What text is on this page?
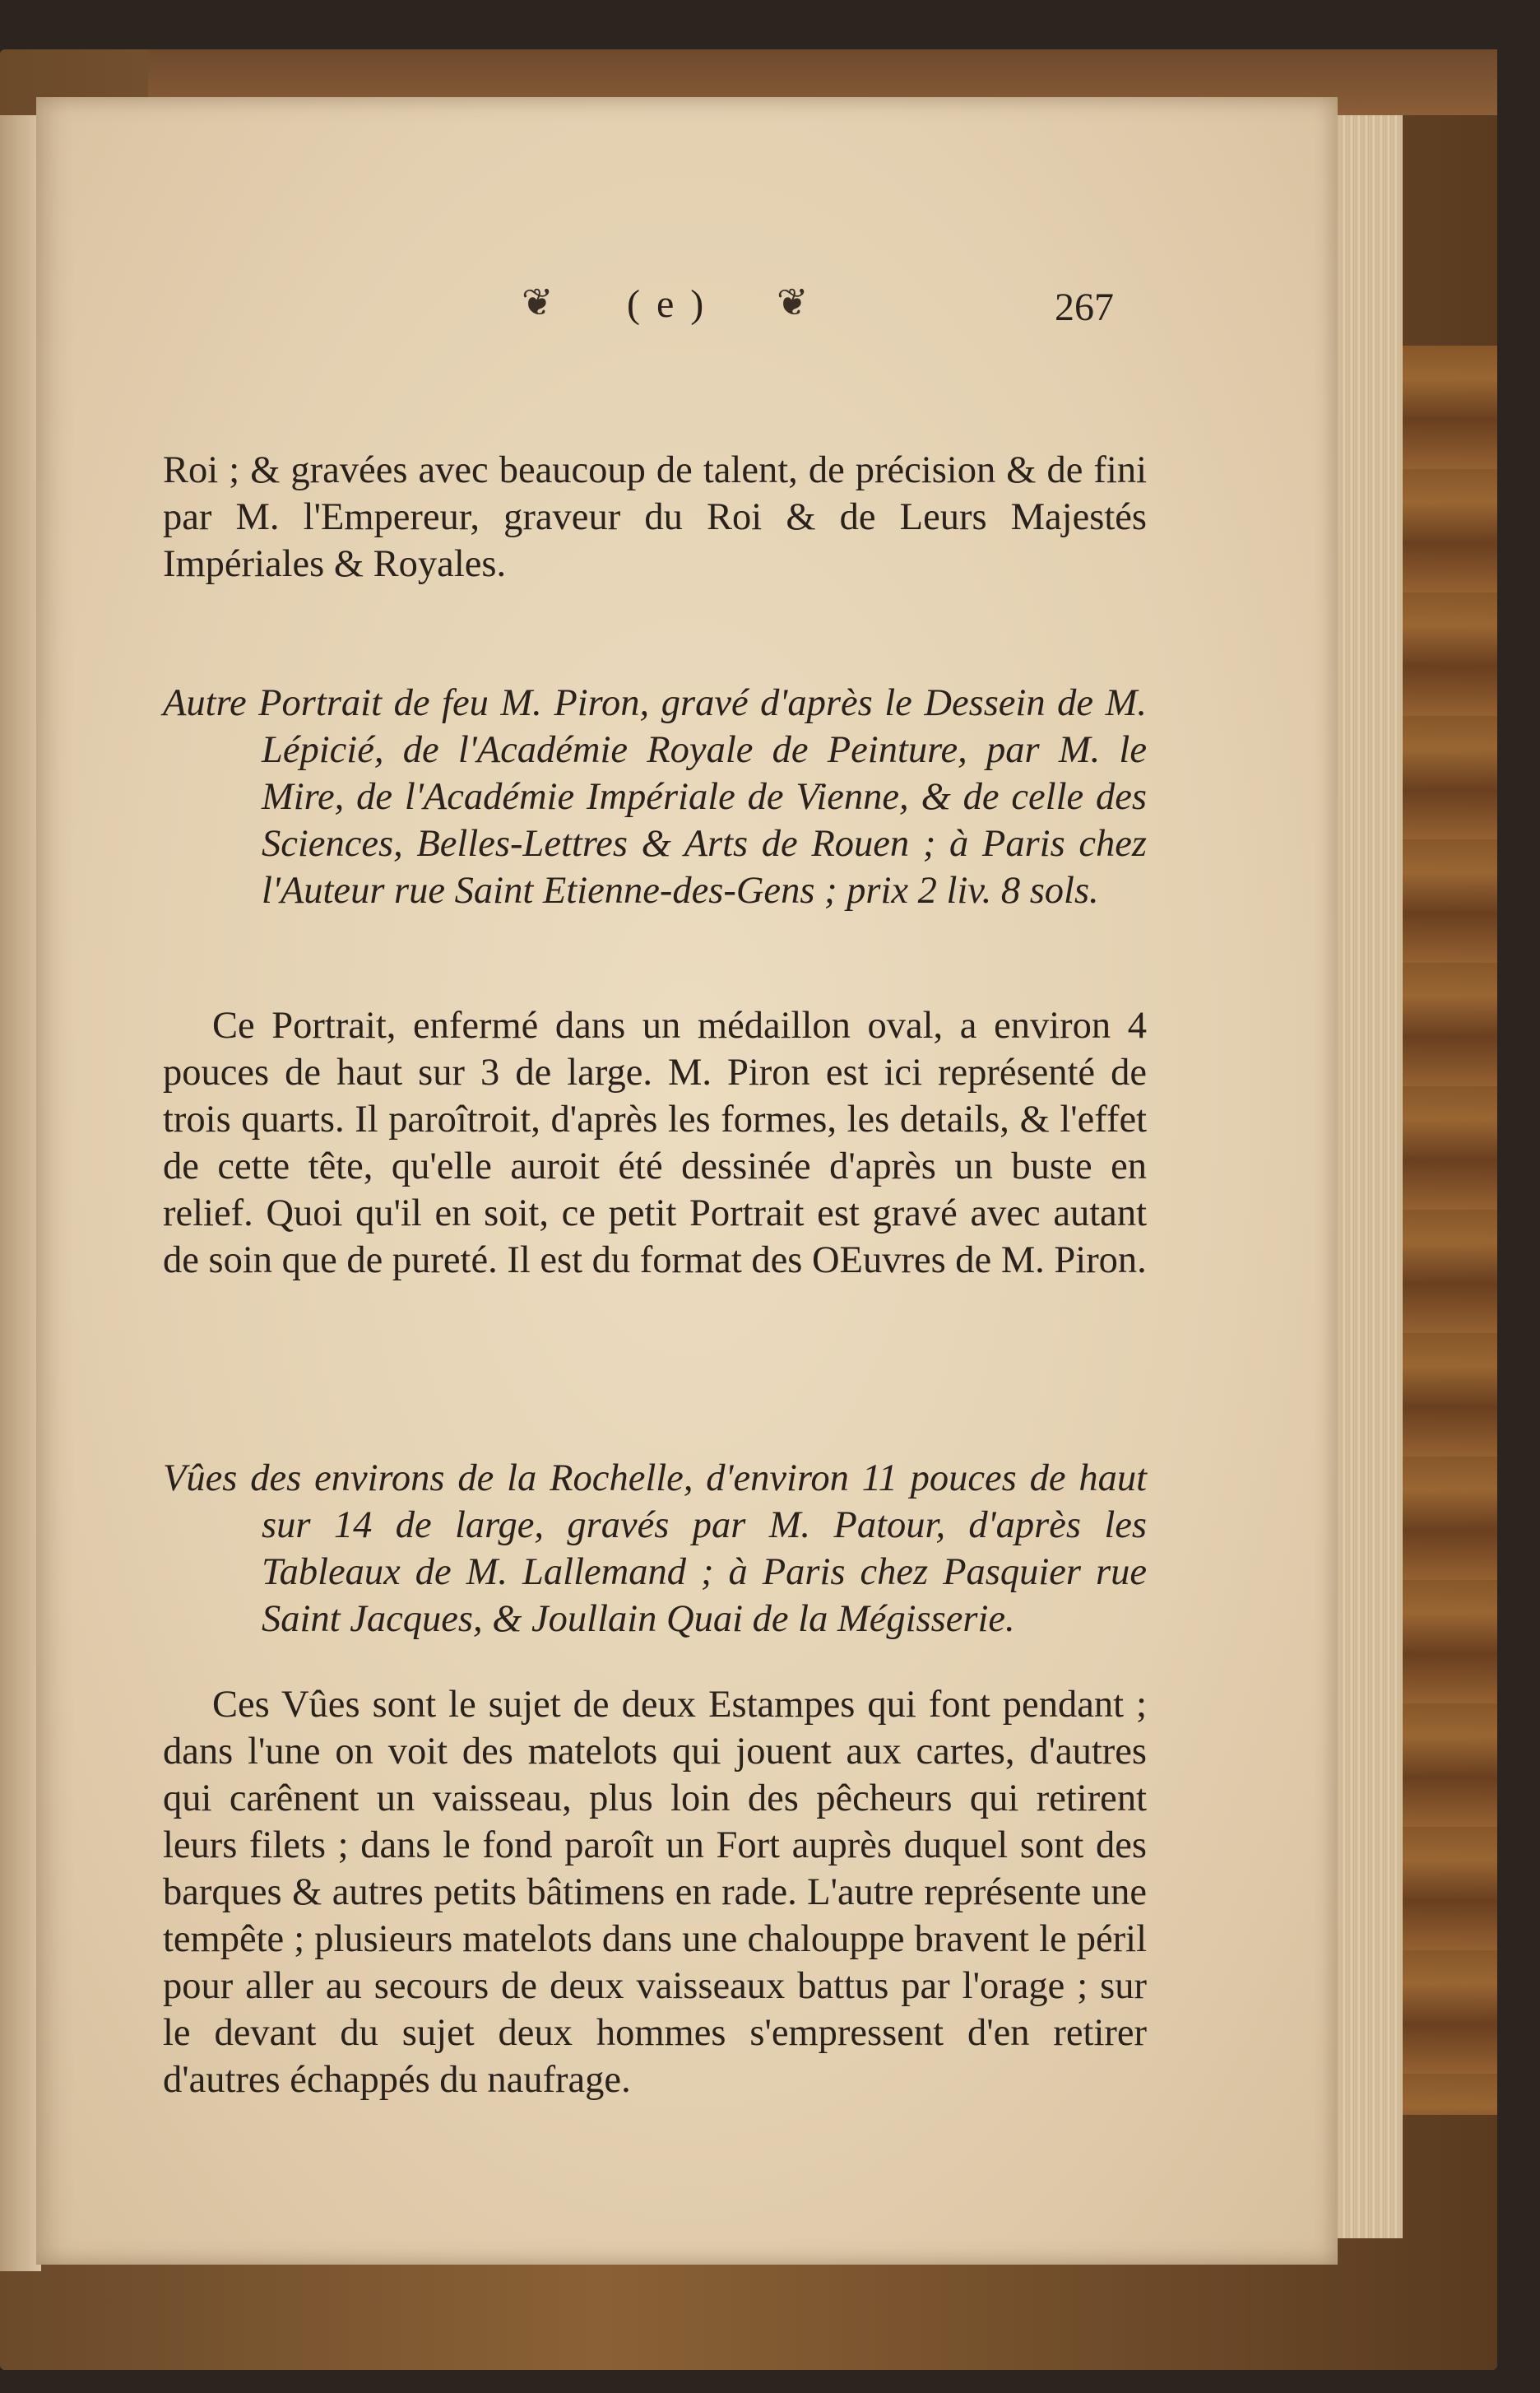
❦ ( e ) ❦	267

Roi ; & gravées avec beaucoup de talent, de précision & de fini par M. l'Empereur, graveur du Roi & de Leurs Majestés Impériales & Royales.

Autre Portrait de feu M. Piron, gravé d'après le Dessein de M. Lépicié, de l'Académie Royale de Peinture, par M. le Mire, de l'Académie Impériale de Vienne, & de celle des Sciences, Belles-Lettres & Arts de Rouen ; à Paris chez l'Auteur rue Saint Etienne-des-Gens ; prix 2 liv. 8 sols.

Ce Portrait, enfermé dans un médaillon oval, a environ 4 pouces de haut sur 3 de large. M. Piron est ici représenté de trois quarts. Il paroîtroit, d'après les formes, les details, & l'effet de cette tête, qu'elle auroit été dessinée d'après un buste en relief. Quoi qu'il en soit, ce petit Portrait est gravé avec autant de soin que de pureté. Il est du format des OEuvres de M. Piron.

Vûes des environs de la Rochelle, d'environ 11 pouces de haut sur 14 de large, gravés par M. Patour, d'après les Tableaux de M. Lallemand ; à Paris chez Pasquier rue Saint Jacques, & Joullain Quai de la Mégisserie.

Ces Vûes sont le sujet de deux Estampes qui font pendant ; dans l'une on voit des matelots qui jouent aux cartes, d'autres qui carênent un vaisseau, plus loin des pêcheurs qui retirent leurs filets ; dans le fond paroît un Fort auprès duquel sont des barques & autres petits bâtimens en rade. L'autre représente une tempête ; plusieurs matelots dans une chalouppe bravent le péril pour aller au secours de deux vaisseaux battus par l'orage ; sur le devant du sujet deux hommes s'empressent d'en retirer d'autres échappés du naufrage.
